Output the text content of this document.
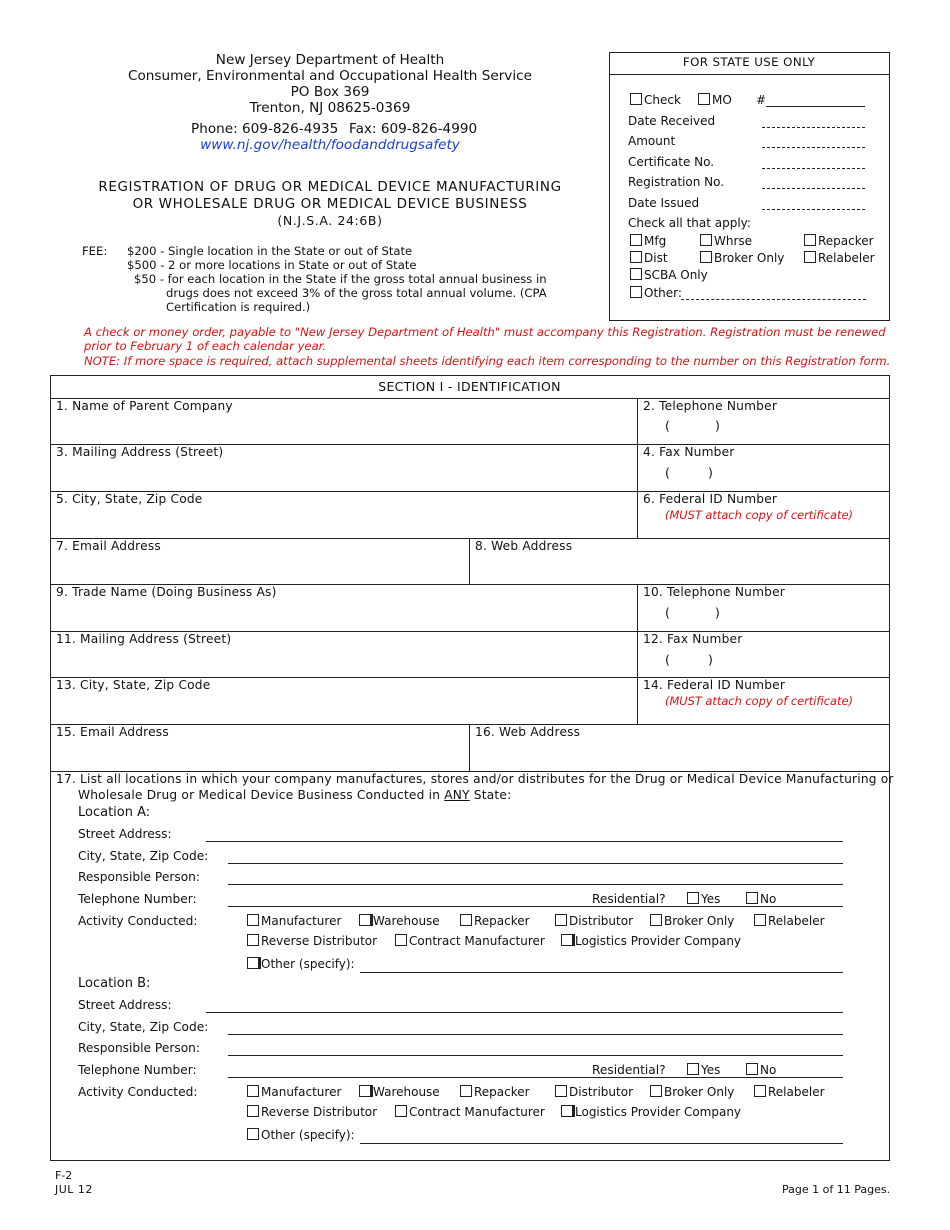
New Jersey Department of Health
Consumer, Environmental and Occupational Health Service
PO Box 369
Trenton, NJ 08625-0369
Phone: 609-826-4935 Fax: 609-826-4990
www.nj.gov/health/foodanddrugsafety
REGISTRATION OF DRUG OR MEDICAL DEVICE MANUFACTURING
OR WHOLESALE DRUG OR MEDICAL DEVICE BUSINESS
(N.J.S.A. 24:6B)
FEE: $200 - Single location in the State or out of State
$500 - 2 or more locations in State or out of State
$50 - for each location in the State if the gross total annual business in
drugs does not exceed 3% of the gross total annual volume. (CPA
Certification is required.)
FOR STATE USE ONLY
Check	MO #
Date Received
Amount
Certificate No.
Registration No.
Date Issued
Check all that apply:
Mfg	Whrse	Repacker
Dist	Broker Only	Relabeler
SCBA Only
Other:
A check or money order, payable to "New Jersey Department of Health" must accompany this Registration. Registration must be renewed
prior to February 1 of each calendar year.
NOTE: If more space is required, attach supplemental sheets identifying each item corresponding to the number on this Registration form.
SECTION I - IDENTIFICATION
1. Name of Parent Company	2. Telephone Number
(	)
3. Mailing Address (Street)	4. Fax Number
(	)
5. City, State, Zip Code	6. Federal ID Number
(MUST attach copy of certificate)
7. Email Address	8. Web Address
9. Trade Name (Doing Business As)	10. Telephone Number
(	)
11. Mailing Address (Street)	12. Fax Number
(	)
13. City, State, Zip Code	14. Federal ID Number
(MUST attach copy of certificate)
15. Email Address	16. Web Address
17. List all locations in which your company manufactures, stores and/or distributes for the Drug or Medical Device Manufacturing or
Wholesale Drug or Medical Device Business Conducted in ANY State:
Location A:
Street Address:
City, State, Zip Code:
Responsible Person:
Telephone Number:	Residential?	Yes	No
Activity Conducted:	Manufacturer	Warehouse	Repacker	Distributor	Broker Only	Relabeler
Reverse Distributor	Contract Manufacturer	Logistics Provider Company
Other (specify):
Location B:
Street Address:
City, State, Zip Code:
Responsible Person:
Telephone Number:	Residential?	Yes	No
Activity Conducted:	Manufacturer	Warehouse	Repacker	Distributor	Broker Only	Relabeler
Reverse Distributor	Contract Manufacturer	Logistics Provider Company
Other (specify):
F-2
JUL 12	Page 1 of 11 Pages.
